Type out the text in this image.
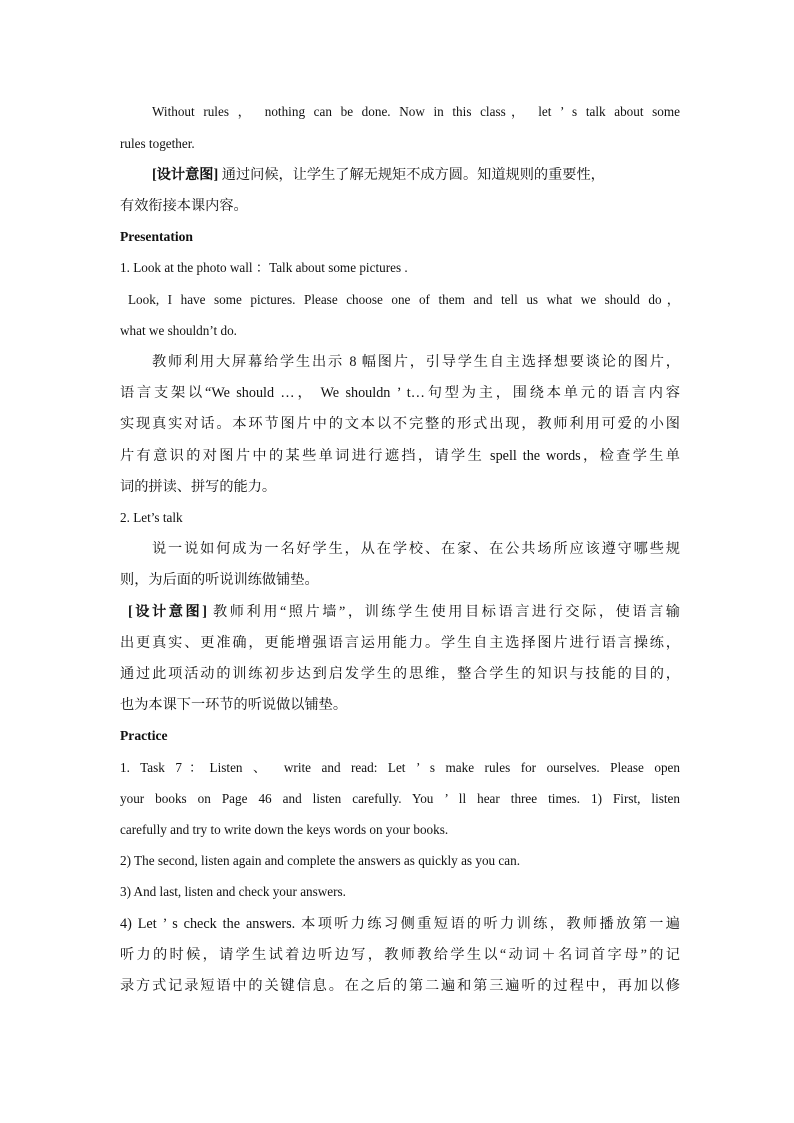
Without rules ， nothing can be done. Now in this class， let ’ s talk about some
rules together.
[设计意图] 通过问候，让学生了解无规矩不成方圆。知道规则的重要性，
有效衔接本课内容。
Presentation
1. Look at the photo wall ：Talk about some pictures .
Look, I have some pictures. Please choose one of them and tell us what we should do，
what we shouldn’t do.
教师利用大屏幕给学生出示 8 幅图片，引导学生自主选择想要谈论的图片，
语言支架以“We should …， We shouldn ’ t…句型为主，围绕本单元的语言内容
实现真实对话。本环节图片中的文本以不完整的形式出现，教师利用可爱的小图
片有意识的对图片中的某些单词进行遮挡，请学生 spell the words，检查学生单
词的拼读、拼写的能力。
2. Let’s talk
说一说如何成为一名好学生，从在学校、在家、在公共场所应该遵守哪些规
则，为后面的听说训练做铺垫。
[设计意图] 教师利用“照片墙”，训练学生使用目标语言进行交际，使语言输
出更真实、更准确，更能增强语言运用能力。学生自主选择图片进行语言操练，
通过此项活动的训练初步达到启发学生的思维，整合学生的知识与技能的目的，
也为本课下一环节的听说做以铺垫。
Practice
1. Task 7：Listen 、 write and read: Let ’ s make rules for ourselves. Please open
your books on Page 46 and listen carefully. You ’ ll hear three times. 1) First, listen
carefully and try to write down the keys words on your books.
2) The second, listen again and complete the answers as quickly as you can.
3) And last, listen and check your answers.
4) Let ’ s check the answers. 本项听力练习侧重短语的听力训练，教师播放第一遍
听力的时候，请学生试着边听边写，教师教给学生以“动词＋名词首字母”的记
录方式记录短语中的关键信息。在之后的第二遍和第三遍听的过程中，再加以修
